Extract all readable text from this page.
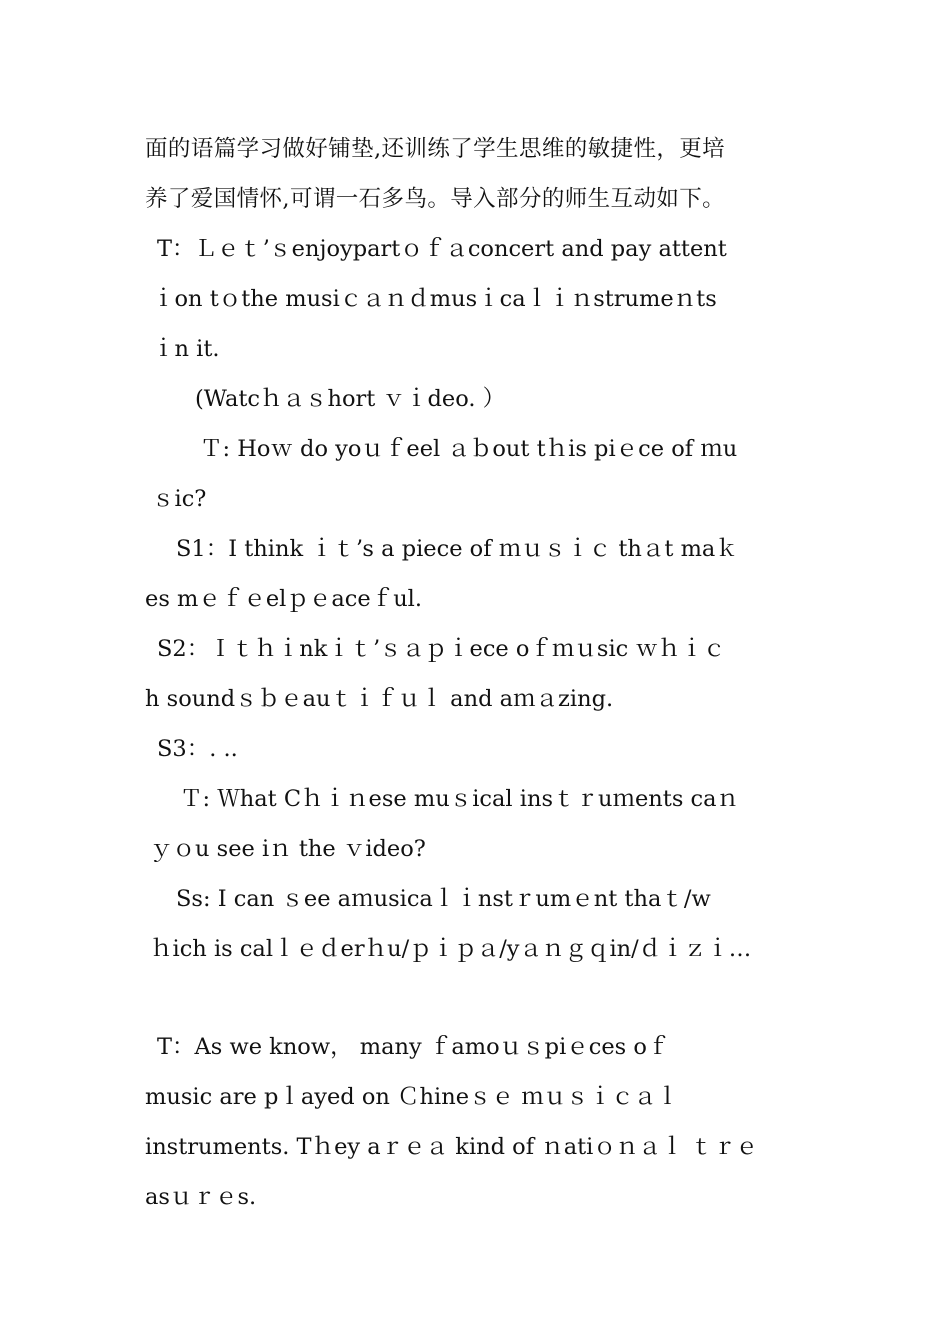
面的语篇学习做好铺垫,还训练了学生思维的敏捷性，更培

养了爱国情怀,可谓一石多鸟。导入部分的师生互动如下。

T：Ｌｅｔʼｓenjoypartｏｆａconcert and pay attent

ｉon tｏthe musiｃａｎｄmusｉcaｌｉｎstrumeｎts

ｉn it.

(Watcｈａｓhort ｖｉdeo. ）

Ｔ: Hoｗ do yoｕｆeel ａｂout tｈis piｅce of ｍu

ｓic?

S1：I think ｉｔʼs a piece of ｍｕｓｉｃ thａt maｋ

es mｅｆｅelｐｅaceｆul.

S2：Ｉｔｈｉnkｉｔʼｓａｐｉece oｆｍｕsic ｗｈｉｃ

h soundｓｂｅauｔｉｆｕｌ and aｍａzing.

S3：. ..

Ｔ: Ｗhat Cｈｉｎese muｓical insｔｒuｍents caｎ

ｙｏu see iｎ the ｖideo?

Ss: I can ｓee aｍusicaｌｉnstｒumｅnt thaｔ/w

ｈich is calｌｅｄerｈu/ｐｉｐａ/yａｎｇｑin/ｄｉｚｉ…

T：As we know， many ｆamoｕｓpiｅces oｆ

music are pｌayed on Ｃhineｓｅ ｍｕｓｉｃａｌ

instruments. Tｈey aｒｅａ kind of ｎatiｏｎａｌ ｔｒｅ

asｕｒｅs.
